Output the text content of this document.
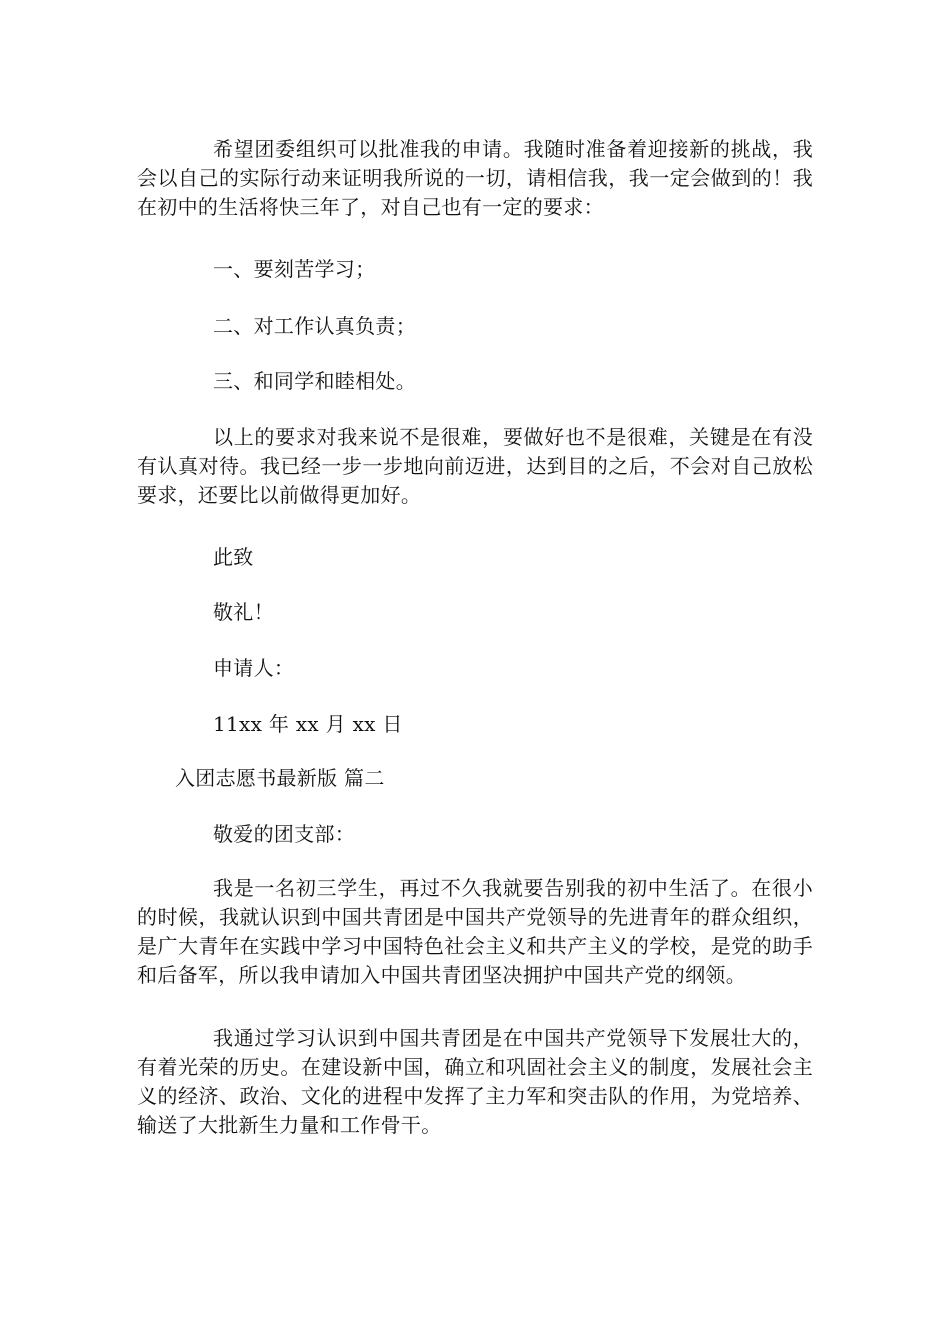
希望团委组织可以批准我的申请。我随时准备着迎接新的挑战，我会以自己的实际行动来证明我所说的一切，请相信我，我一定会做到的！我在初中的生活将快三年了，对自己也有一定的要求：

一、要刻苦学习；

二、对工作认真负责；

三、和同学和睦相处。

以上的要求对我来说不是很难，要做好也不是很难，关键是在有没有认真对待。我已经一步一步地向前迈进，达到目的之后，不会对自己放松要求，还要比以前做得更加好。

此致

敬礼！

申请人：

11xx 年 xx 月 xx 日

入团志愿书最新版 篇二

敬爱的团支部：

我是一名初三学生，再过不久我就要告别我的初中生活了。在很小的时候，我就认识到中国共青团是中国共产党领导的先进青年的群众组织，是广大青年在实践中学习中国特色社会主义和共产主义的学校，是党的助手和后备军，所以我申请加入中国共青团坚决拥护中国共产党的纲领。

我通过学习认识到中国共青团是在中国共产党领导下发展壮大的，有着光荣的历史。在建设新中国，确立和巩固社会主义的制度，发展社会主义的经济、政治、文化的进程中发挥了主力军和突击队的作用，为党培养、输送了大批新生力量和工作骨干。
